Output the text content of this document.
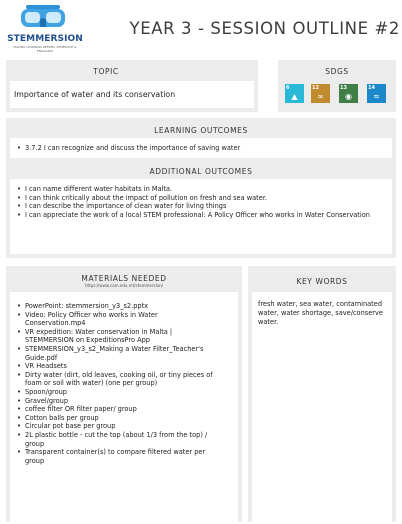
STEMMERSION
MAKING LEARNING DEEPER, IMMERSIVE & ENGAGING
YEAR 3 - SESSION OUTLINE #2
TOPIC
Importance of water and its conservation
SDGS
6
▲
12
∞
13
◉
14
≈
LEARNING OUTCOMES
• 3.7.2 I can recognize and discuss the importance of saving water
ADDITIONAL OUTCOMES
• I can name different water habitats in Malta.
• I can think critically about the impact of pollution on fresh and sea water.
• I can describe the importance of clean water for living things
• I can appreciate the work of a local STEM professional: A Policy Officer who works in Water Conservation
MATERIALS NEEDED
https://www.cam.edu.mt/stemmersion/
• PowerPoint: stemmersion_y3_s2.pptx
• Video: Policy Officer who works in Water Conservation.mp4
• VR expedition: Water conservation in Malta | STEMMERSION on ExpeditionsPro App
• STEMMERSION_y3_s2_Making a Water Filter_Teacher's Guide.pdf
• VR Headsets
• Dirty water (dirt, old leaves, cooking oil, or tiny pieces of foam or soil with water) (one per group)
• Spoon/group
• Gravel/group
• coffee filter OR filter paper/ group
• Cotton balls per group
• Circular pot base per group
• 2L plastic bottle - cut the top (about 1/3 from the top) / group
• Transparent container(s) to compare filtered water per group
KEY WORDS
fresh water, sea water, contaminated water, water shortage, save/conserve water.
